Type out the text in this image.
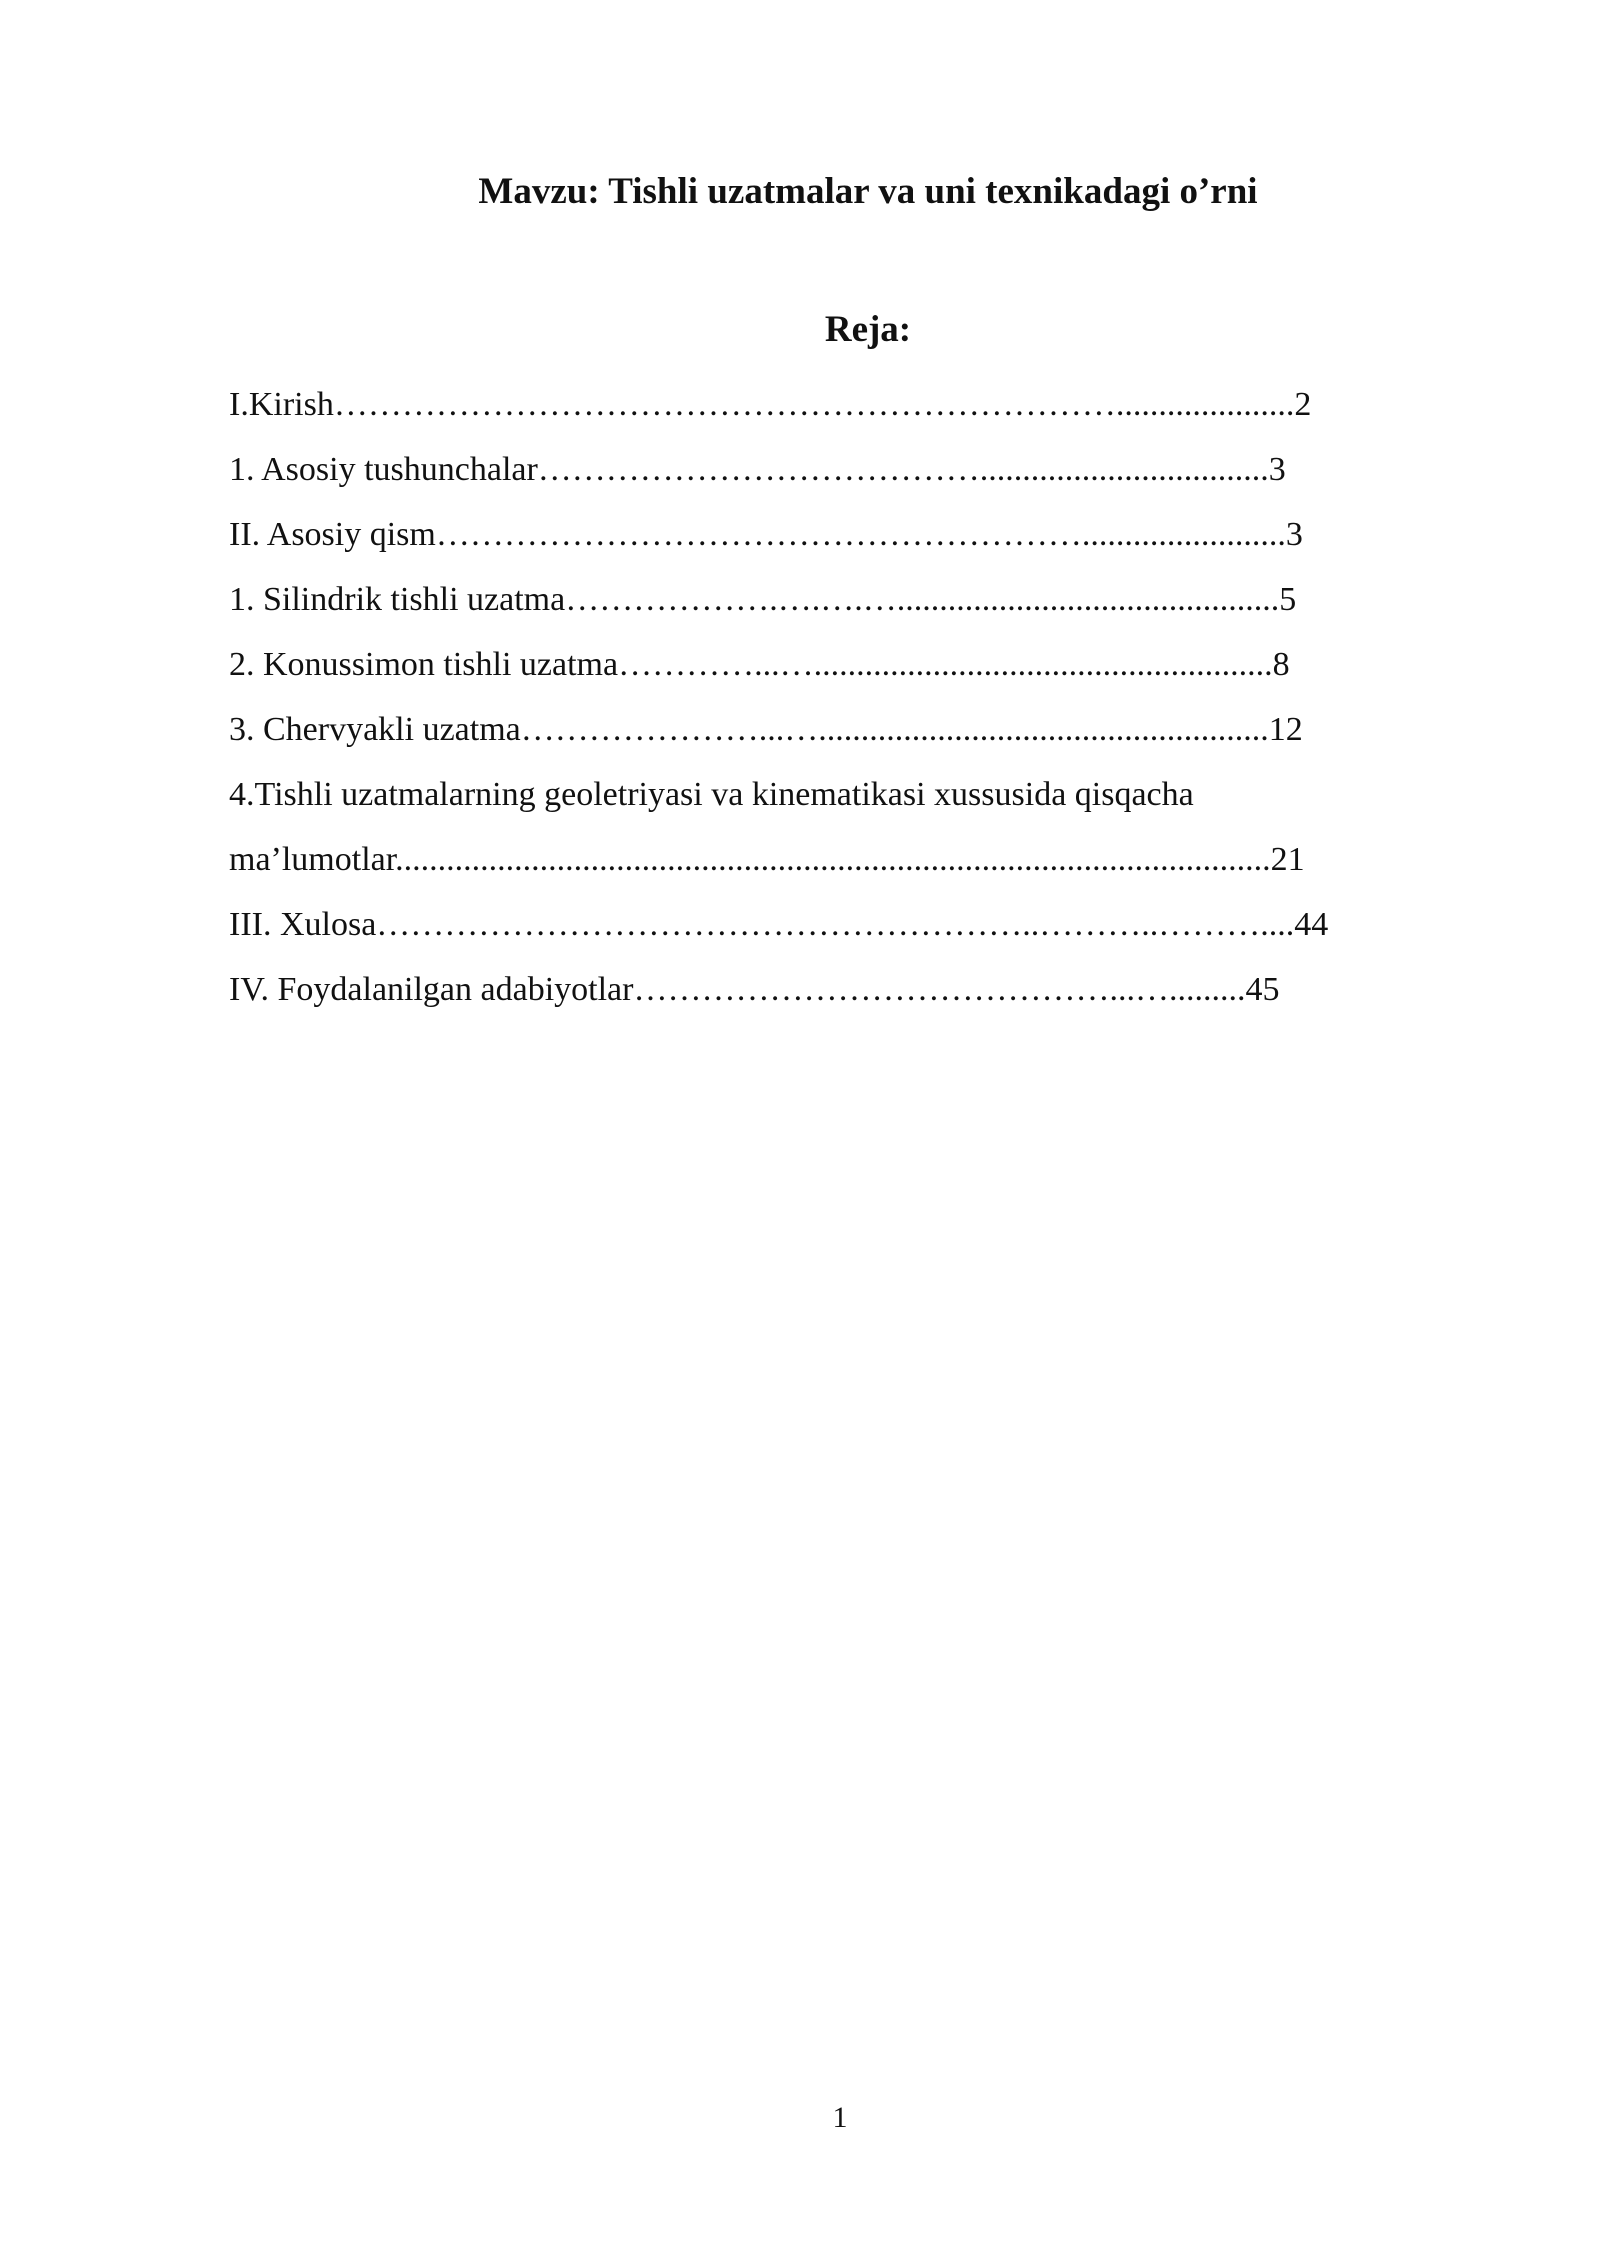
Mavzu: Tishli uzatmalar va uni texnikadagi o’rni
Reja:
I.Kirish…………………………………………………………….....................2
1. Asosiy tushunchalar…………………………………..................................3
II. Asosiy qism…………………………………………………........................3
1. Silindrik tishli uzatma……………….….….….............................................5
2. Konussimon tishli uzatma…………...…......................................................8
3. Chervyakli uzatma…………………...….....................................................12
4.Tishli uzatmalarning geoletriyasi va kinematikasi xussusida qisqacha
ma’lumotlar.......................................................................................................21
III. Xulosa…………………………………………………..………..………....44
IV. Foydalanilgan adabiyotlar……………………………………...….........45
1
